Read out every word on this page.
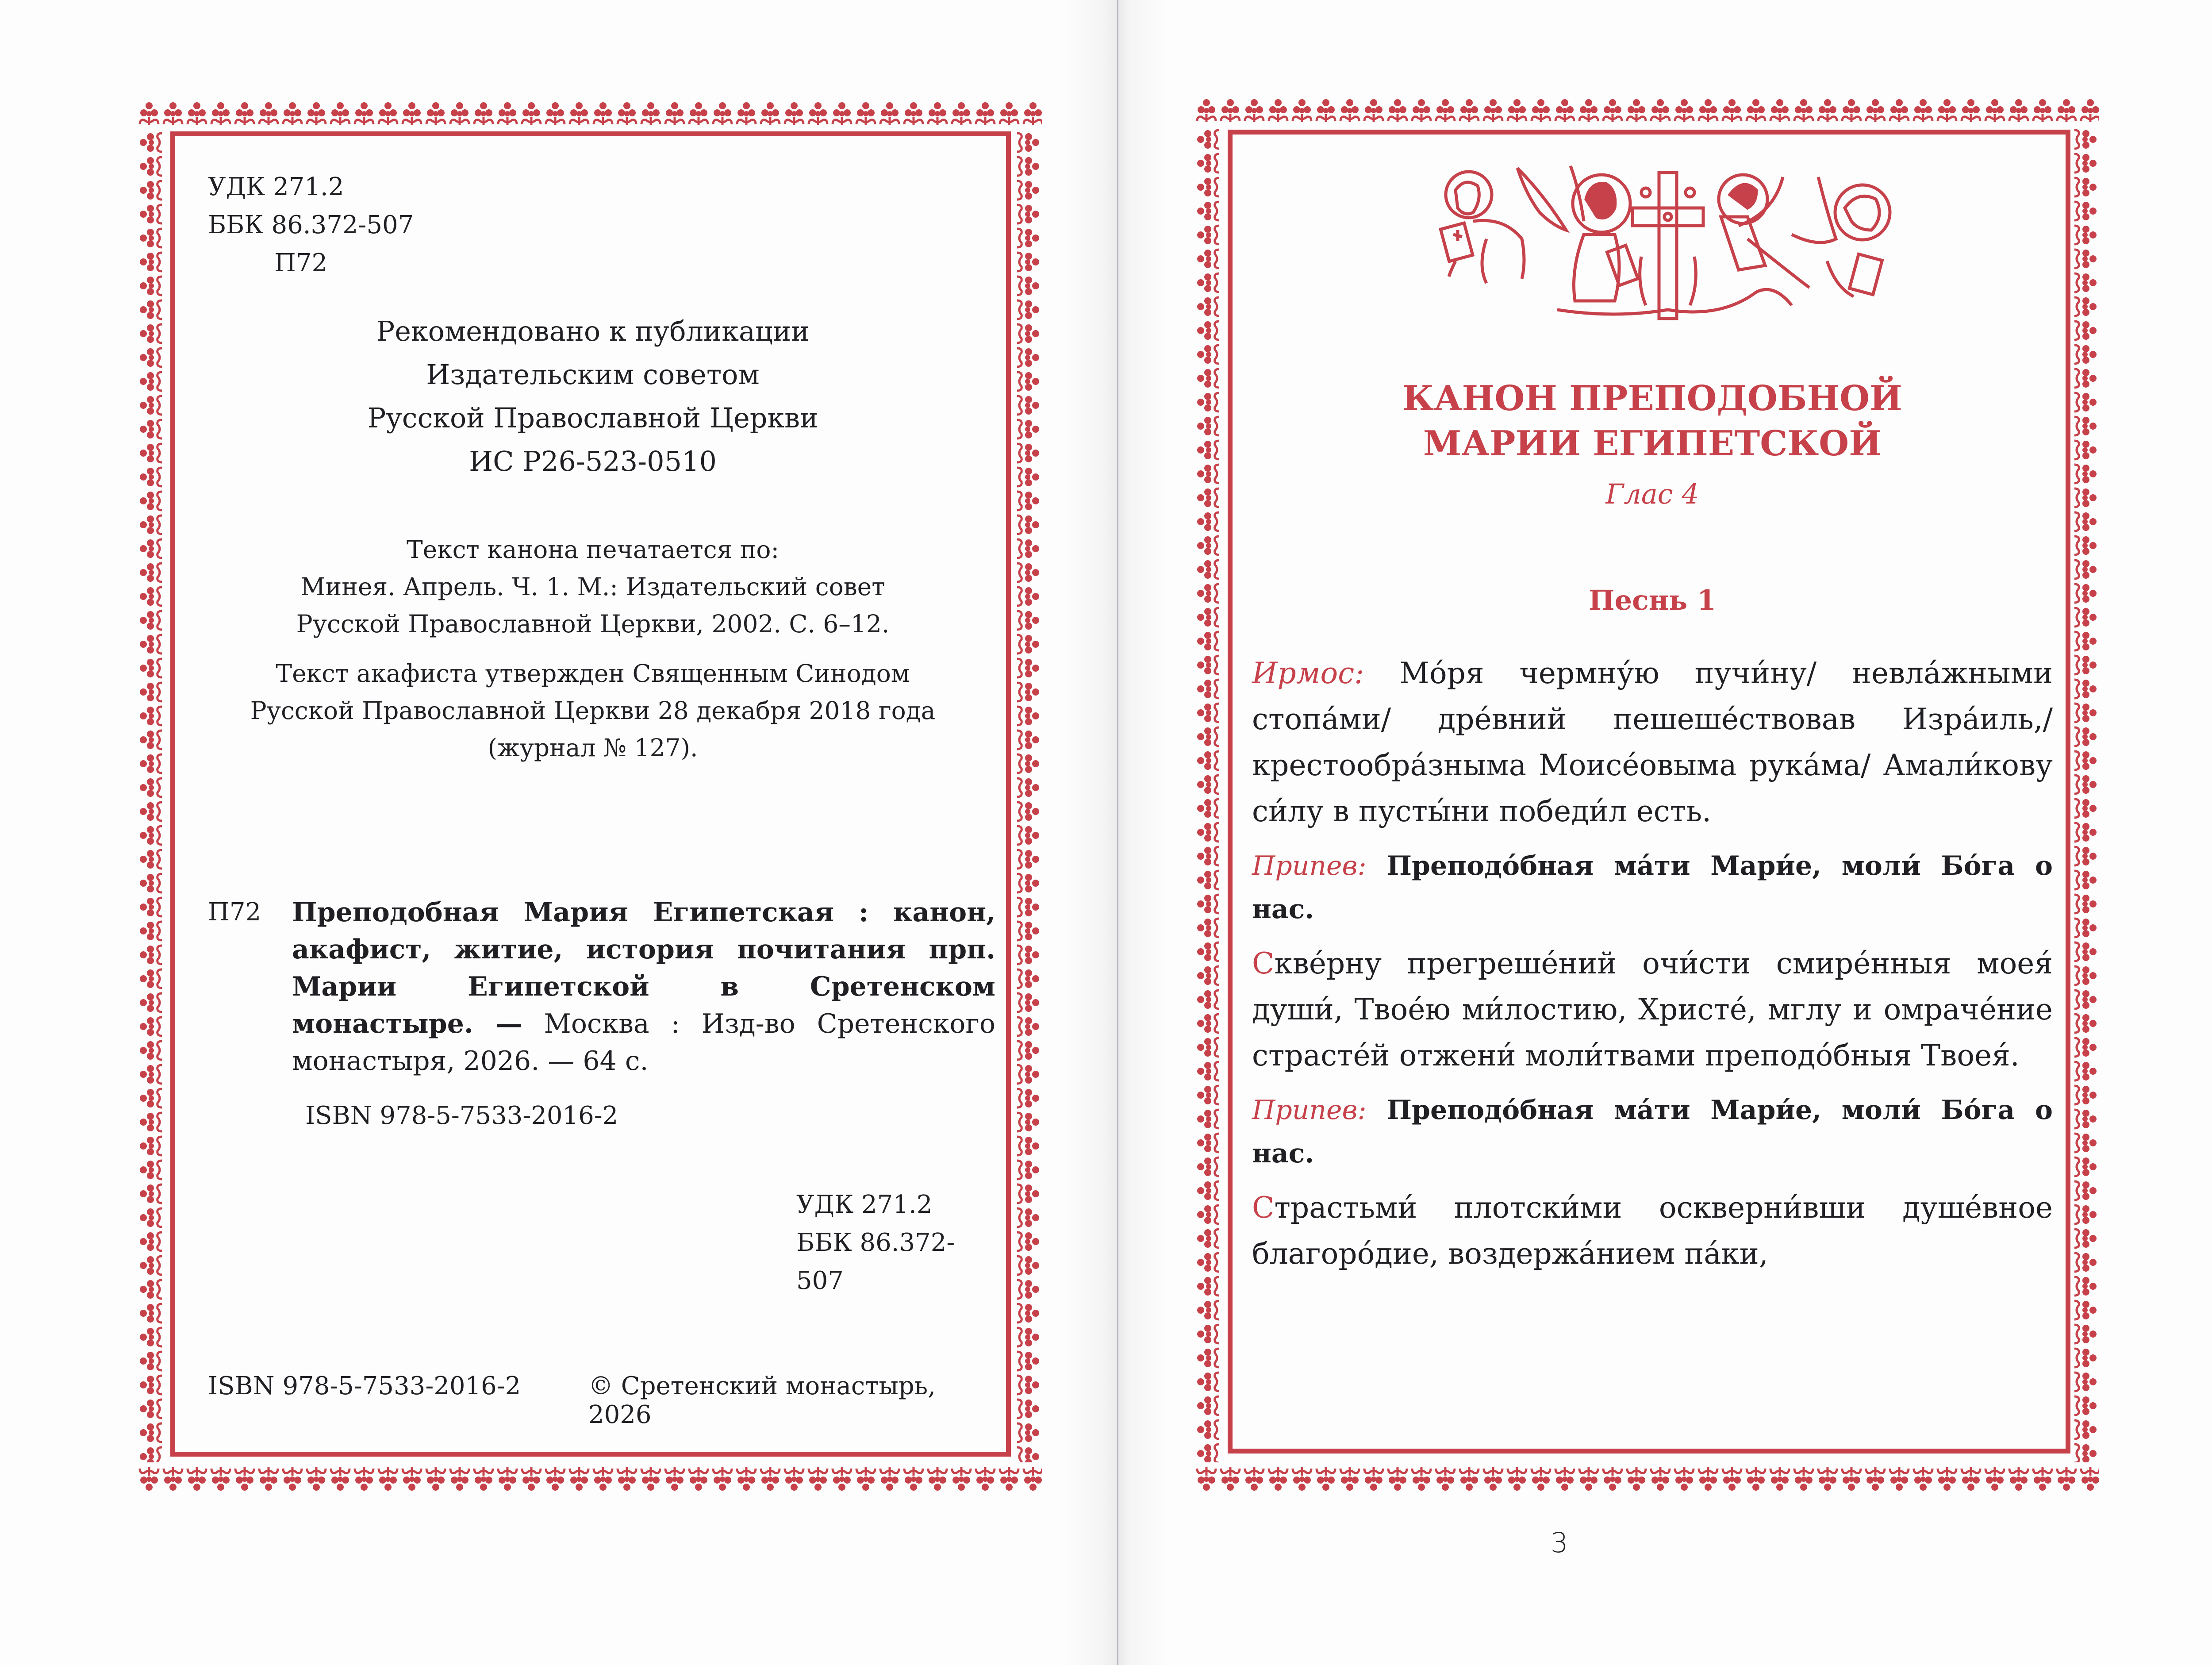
УДК 271.2
ББК 86.372-507
П72
Рекомендовано к публикации
Издательским советом
Русской Православной Церкви
ИС Р26-523-0510
Текст канона печатается по:
Минея. Апрель. Ч. 1. М.: Издательский совет
Русской Православной Церкви, 2002. С. 6–12.
Текст акафиста утвержден Священным Синодом
Русской Православной Церкви 28 декабря 2018 года
(журнал № 127).
П72 Преподобная Мария Египетская : канон, акафист, житие, история почитания прп. Марии Египетской в Сретенском монастыре. — Москва : Изд-во Сретенского монастыря, 2026. — 64 с.
ISBN 978-5-7533-2016-2
УДК 271.2
ББК 86.372-507
ISBN 978-5-7533-2016-2	© Сретенский монастырь, 2026
КАНОН ПРЕПОДОБНОЙ
МАРИИ ЕГИПЕТСКОЙ
Глас 4
Песнь 1

Ирмос: Мо́ря чермну́ю пучи́ну/ невла́жными стопа́ми/ дре́вний пешеше́ствовав Изра́иль,/ крестообра́зныма Моисе́овыма рука́ма/ Амали́кову си́лу в пусты́ни победи́л есть.

Припев: Преподо́бная ма́ти Мари́е, моли́ Бо́га о нас.

Скве́рну прегреше́ний очи́сти смире́нныя моея́ души́, Твое́ю ми́лостию, Христе́, мглу и омраче́ние страсте́й отжени́ моли́твами преподо́бныя Твоея́.

Припев: Преподо́бная ма́ти Мари́е, моли́ Бо́га о нас.

Страстьми́ плотски́ми оскверни́вши душе́вное благоро́дие, воздержа́нием па́ки,

3
